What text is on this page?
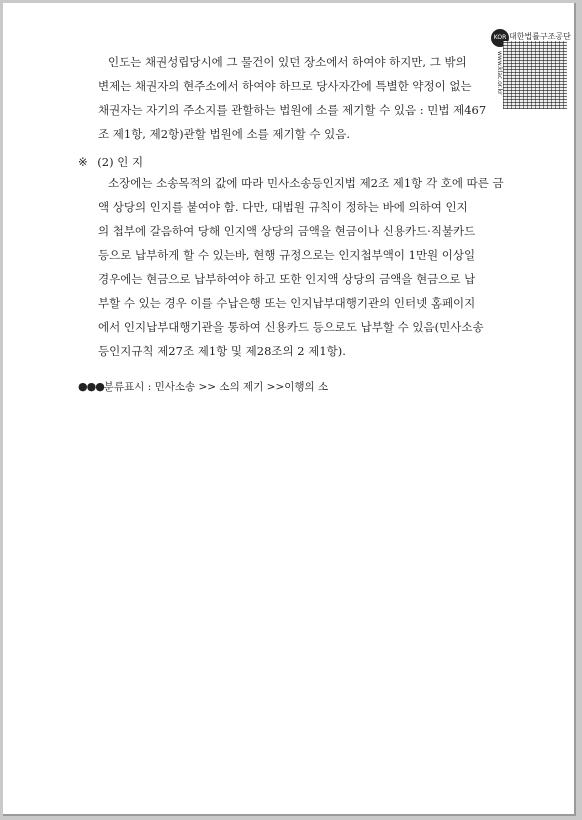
KOR 대한법률구조공단
www.klac.or.kr
인도는 채권성립당시에 그 물건이 있던 장소에서 하여야 하지만, 그 밖의
변제는 채권자의 현주소에서 하여야 하므로 당사자간에 특별한 약정이 없는
채권자는 자기의 주소지를 관할하는 법원에 소를 제기할 수 있음 : 민법 제467
조 제1항, 제2항)관할 법원에 소를 제기할 수 있음.
※ (2) 인 지
소장에는 소송목적의 값에 따라 민사소송등인지법 제2조 제1항 각 호에 따른 금
액 상당의 인지를 붙여야 함. 다만, 대법원 규칙이 정하는 바에 의하여 인지
의 첩부에 갈음하여 당해 인지액 상당의 금액을 현금이나 신용카드·직불카드
등으로 납부하게 할 수 있는바, 현행 규정으로는 인지첩부액이 1만원 이상일
경우에는 현금으로 납부하여야 하고 또한 인지액 상당의 금액을 현금으로 납
부할 수 있는 경우 이를 수납은행 또는 인지납부대행기관의 인터넷 홈페이지
에서 인지납부대행기관을 통하여 신용카드 등으로도 납부할 수 있음(민사소송
등인지규칙 제27조 제1항 및 제28조의 2 제1항).
●●●분류표시 : 민사소송 >> 소의 제기 >>이행의 소
